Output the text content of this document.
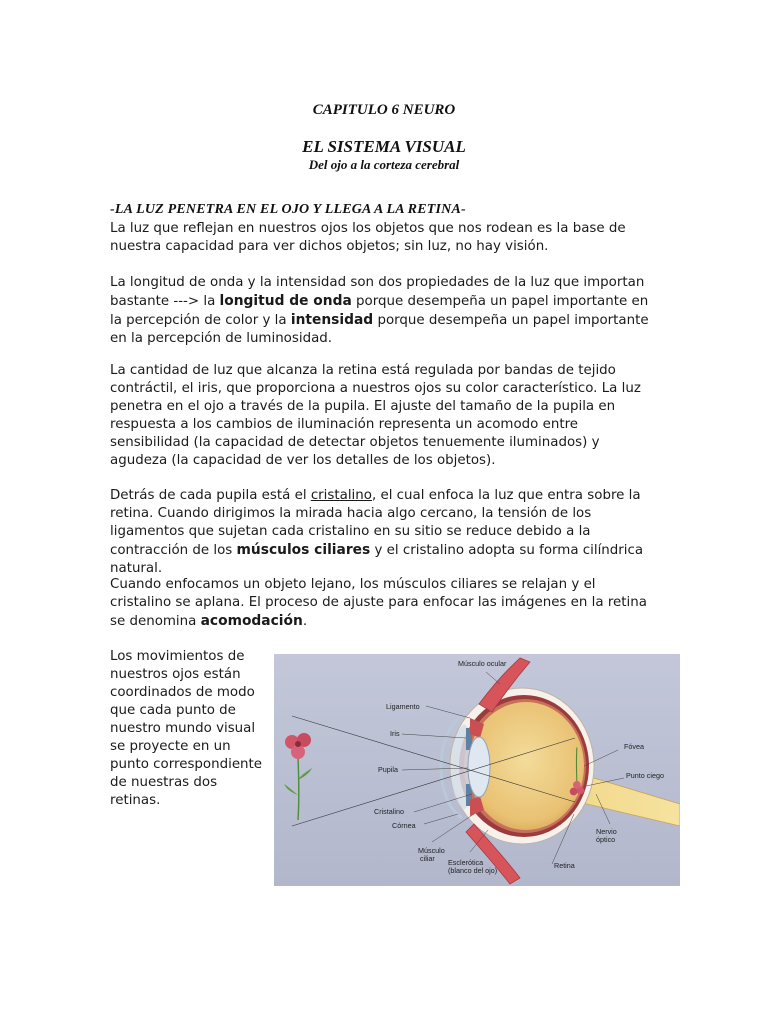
CAPITULO 6 NEURO
EL SISTEMA VISUAL
Del ojo a la corteza cerebral
-LA LUZ PENETRA EN EL OJO Y LLEGA A LA RETINA-
La luz que reflejan en nuestros ojos los objetos que nos rodean es la base de nuestra capacidad para ver dichos objetos; sin luz, no hay visión.
La longitud de onda y la intensidad son dos propiedades de la luz que importan bastante ---> la longitud de onda porque desempeña un papel importante en la percepción de color y la intensidad porque desempeña un papel importante en la percepción de luminosidad.
La cantidad de luz que alcanza la retina está regulada por bandas de tejido contráctil, el iris, que proporciona a nuestros ojos su color característico. La luz penetra en el ojo a través de la pupila. El ajuste del tamaño de la pupila en respuesta a los cambios de iluminación representa un acomodo entre sensibilidad (la capacidad de detectar objetos tenuemente iluminados) y agudeza (la capacidad de ver los detalles de los objetos).
Detrás de cada pupila está el cristalino, el cual enfoca la luz que entra sobre la retina. Cuando dirigimos la mirada hacia algo cercano, la tensión de los ligamentos que sujetan cada cristalino en su sitio se reduce debido a la contracción de los músculos ciliares y el cristalino adopta su forma cilíndrica natural.
Cuando enfocamos un objeto lejano, los músculos ciliares se relajan y el cristalino se aplana. El proceso de ajuste para enfocar las imágenes en la retina se denomina acomodación.
Los movimientos de nuestros ojos están coordinados de modo que cada punto de nuestro mundo visual se proyecte en un punto correspondiente de nuestras dos retinas.
Músculo ocular
Ligamento
Iris
Pupila
Cristalino
Córnea
Músculo
ciliar Esclerótica
(blanco del ojo)
Retina
Nervio
óptico
Fóvea
Punto ciego
